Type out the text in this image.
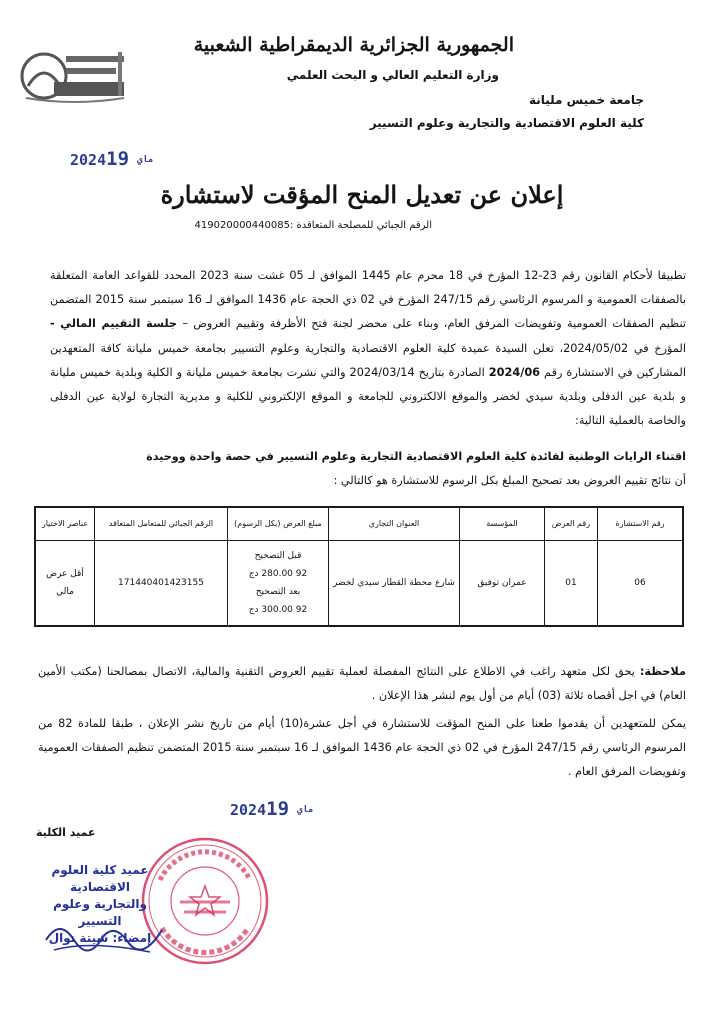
الجمهورية الجزائرية الديمقراطية الشعبية
وزارة التعليم العالي و البحث العلمي
جامعة خميس مليانة
كلية العلوم الاقتصادية والتجارية وعلوم التسيير
2024	ماي19
إعلان عن تعديل المنح المؤقت لاستشارة
الرقم الجبائي للمصلحة المتعاقدة :419020000440085

تطبيقا لأحكام القانون رقم 23-12 المؤرخ في 18 محرم عام 1445 الموافق لـ 05 غشت سنة 2023 المحدد للقواعد العامة المتعلقة بالصفقات العمومية و المرسوم الرئاسي رقم 247/15 المؤرخ في 02 ذي الحجة عام 1436 الموافق لـ 16 سبتمبر سنة 2015 المتضمن تنظيم الصفقات العمومية وتفويضات المرفق العام، وبناء على محضر لجنة فتح الأظرفة وتقييم العروض – جلسة التقييم المالي - المؤرخ في 2024/05/02، تعلن السيدة عميدة كلية العلوم الاقتصادية والتجارية وعلوم التسيير بجامعة خميس مليانة كافة المتعهدين المشاركين في الاستشارة رقم 2024/06 الصادرة بتاريخ 2024/03/14 والتي نشرت بجامعة خميس مليانة و الكلية وبلدية خميس مليانة و بلدية عين الدفلى وبلدية سيدي لخضر والموقع الالكتروني للجامعة و الموقع الإلكتروني للكلية و مديرية التجارة لولاية عين الدفلى والخاصة بالعملية التالية:

اقتناء الرايات الوطنية لفائدة كلية العلوم الاقتصادية التجارية وعلوم التسيير في حصة واحدة ووحيدة
أن نتائج تقييم العروض بعد تصحيح المبلغ بكل الرسوم للاستشارة هو كالتالي :
رقم الاستشارة	رقم العرض	المؤسسة	العنوان التجاري	مبلغ العرض (بكل الرسوم)	الرقم الجبائي للمتعامل المتعاقد	عناصر الاختيار
06	01	عمران توفيق	شارع محطة القطار سيدي لخضر	قبل التصحيح
92 280.00 دج
بعد التصحيح
92 300.00 دج	171440401423155	أقل عرض مالي

ملاحظة: يحق لكل متعهد راغب في الاطلاع على النتائج المفصلة لعملية تقييم العروض التقنية والمالية، الاتصال بمصالحنا (مكتب الأمين العام) في اجل أقصاه ثلاثة (03) أيام من أول يوم لنشر هذا الإعلان .

يمكن للمتعهدين أن يقدموا طعنا على المنح المؤقت للاستشارة في أجل عشرة(10) أيام من تاريخ نشر الإعلان ، طبقا للمادة 82 من المرسوم الرئاسي رقم 247/15 المؤرخ في 02 ذي الحجة عام 1436 الموافق لـ 16 سبتمبر سنة 2015 المتضمن تنظيم الصفقات العمومية وتفويضات المرفق العام .

2024	ماي19
عميد الكلية
عميد كلية العلوم الاقتصادية
والتجارية وعلوم التسيير
إمضاء: شيتة نوال
